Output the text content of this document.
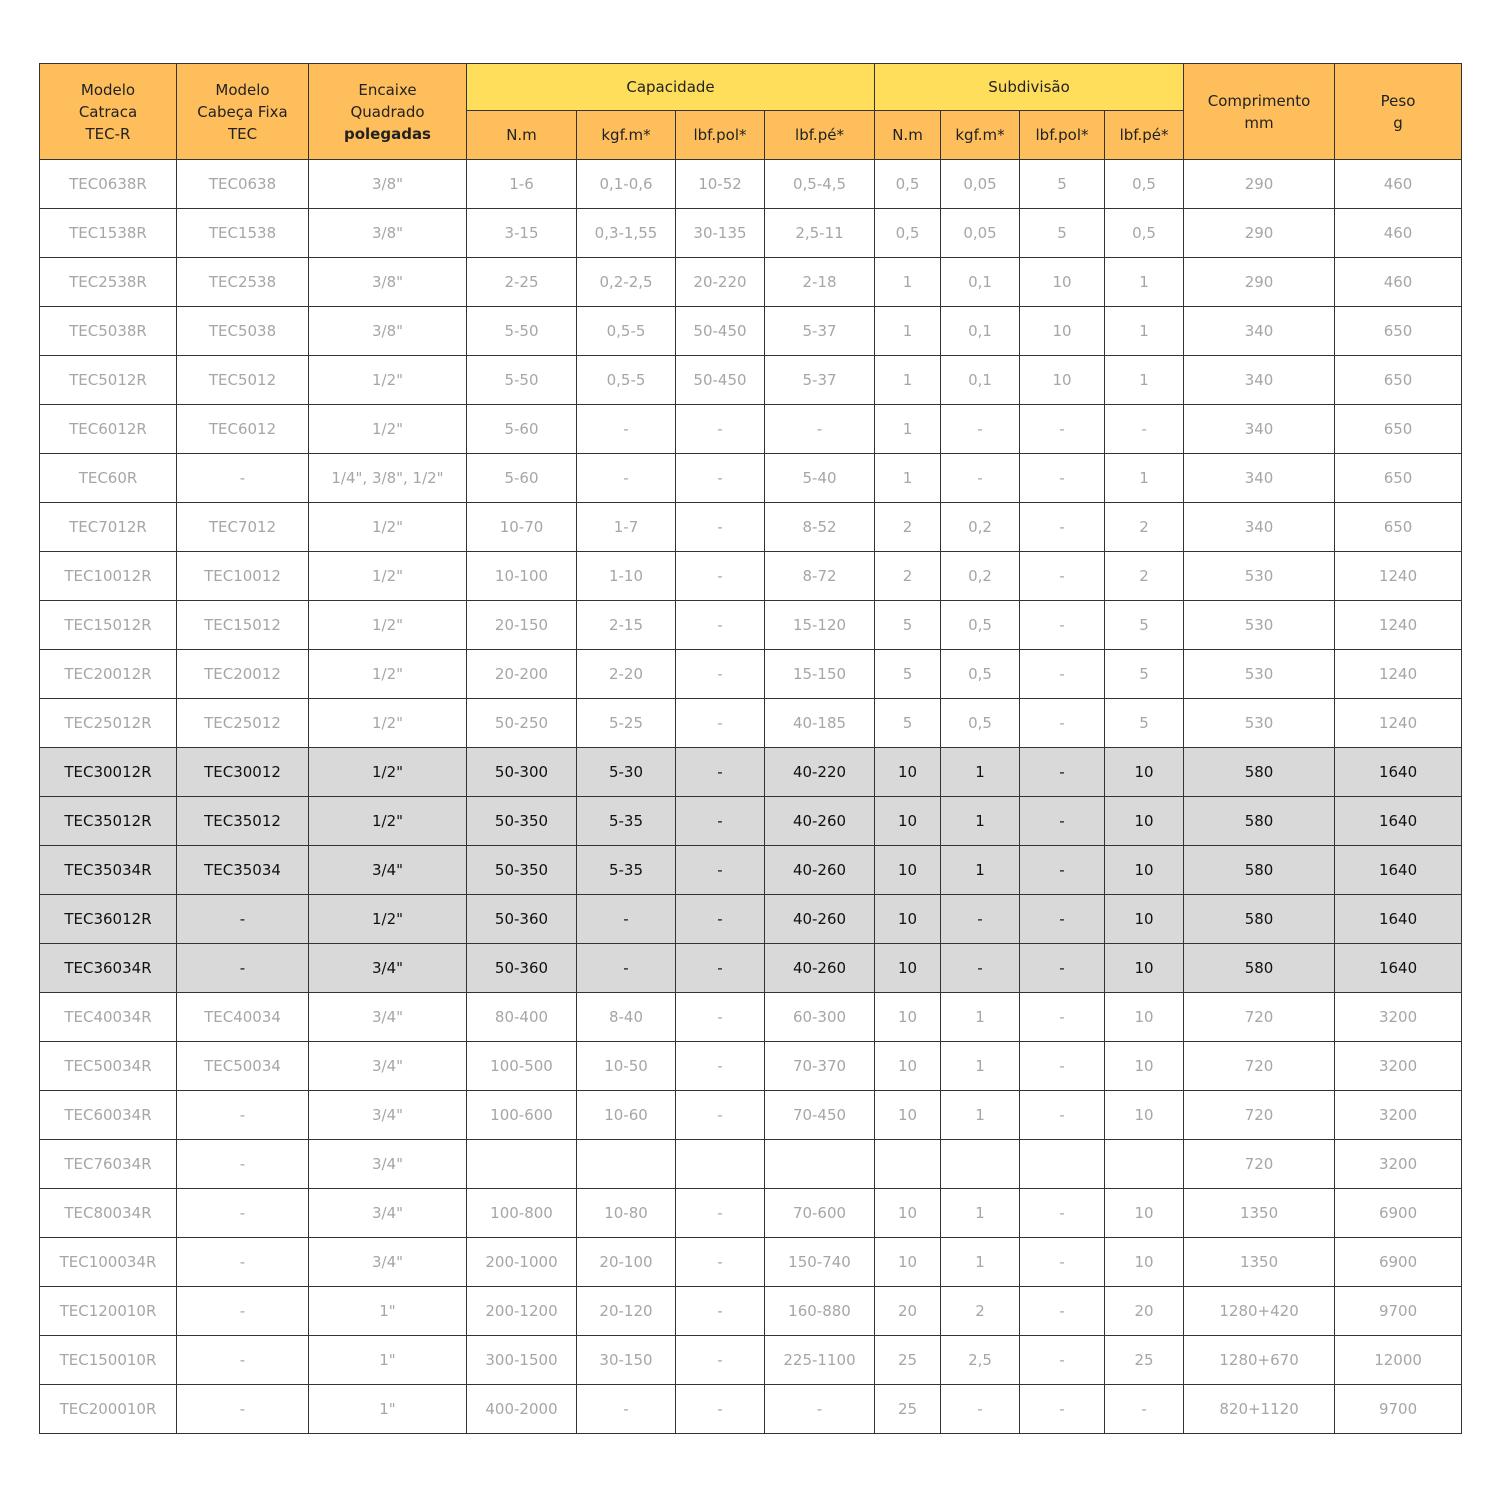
Modelo
Catraca
TEC-R	Modelo
Cabeça Fixa
TEC	Encaixe
Quadrado
polegadas	Capacidade				Subdivisão				Comprimento
mm	Peso
g

			N.m	kgf.m*	lbf.pol*	lbf.pé*	N.m	kgf.m*	lbf.pol*	lbf.pé*		
TEC0638R	TEC0638	3/8"	1-6	0,1-0,6	10-52	0,5-4,5	0,5	0,05	5	0,5	290	460
TEC1538R	TEC1538	3/8"	3-15	0,3-1,55	30-135	2,5-11	0,5	0,05	5	0,5	290	460
TEC2538R	TEC2538	3/8"	2-25	0,2-2,5	20-220	2-18	1	0,1	10	1	290	460
TEC5038R	TEC5038	3/8"	5-50	0,5-5	50-450	5-37	1	0,1	10	1	340	650
TEC5012R	TEC5012	1/2"	5-50	0,5-5	50-450	5-37	1	0,1	10	1	340	650
TEC6012R	TEC6012	1/2"	5-60	-	-	-	1	-	-	-	340	650
TEC60R	-	1/4", 3/8", 1/2"	5-60	-	-	5-40	1	-	-	1	340	650
TEC7012R	TEC7012	1/2"	10-70	1-7	-	8-52	2	0,2	-	2	340	650
TEC10012R	TEC10012	1/2"	10-100	1-10	-	8-72	2	0,2	-	2	530	1240
TEC15012R	TEC15012	1/2"	20-150	2-15	-	15-120	5	0,5	-	5	530	1240
TEC20012R	TEC20012	1/2"	20-200	2-20	-	15-150	5	0,5	-	5	530	1240
TEC25012R	TEC25012	1/2"	50-250	5-25	-	40-185	5	0,5	-	5	530	1240
TEC30012R	TEC30012	1/2"	50-300	5-30	-	40-220	10	1	-	10	580	1640
TEC35012R	TEC35012	1/2"	50-350	5-35	-	40-260	10	1	-	10	580	1640
TEC35034R	TEC35034	3/4"	50-350	5-35	-	40-260	10	1	-	10	580	1640
TEC36012R	-	1/2"	50-360	-	-	40-260	10	-	-	10	580	1640
TEC36034R	-	3/4"	50-360	-	-	40-260	10	-	-	10	580	1640
TEC40034R	TEC40034	3/4"	80-400	8-40	-	60-300	10	1	-	10	720	3200
TEC50034R	TEC50034	3/4"	100-500	10-50	-	70-370	10	1	-	10	720	3200
TEC60034R	-	3/4"	100-600	10-60	-	70-450	10	1	-	10	720	3200
TEC76034R	-	3/4"									720	3200
TEC80034R	-	3/4"	100-800	10-80	-	70-600	10	1	-	10	1350	6900
TEC100034R	-	3/4"	200-1000	20-100	-	150-740	10	1	-	10	1350	6900
TEC120010R	-	1"	200-1200	20-120	-	160-880	20	2	-	20	1280+420	9700
TEC150010R	-	1"	300-1500	30-150	-	225-1100	25	2,5	-	25	1280+670	12000
TEC200010R	-	1"	400-2000	-	-	-	25	-	-	-	820+1120	9700
